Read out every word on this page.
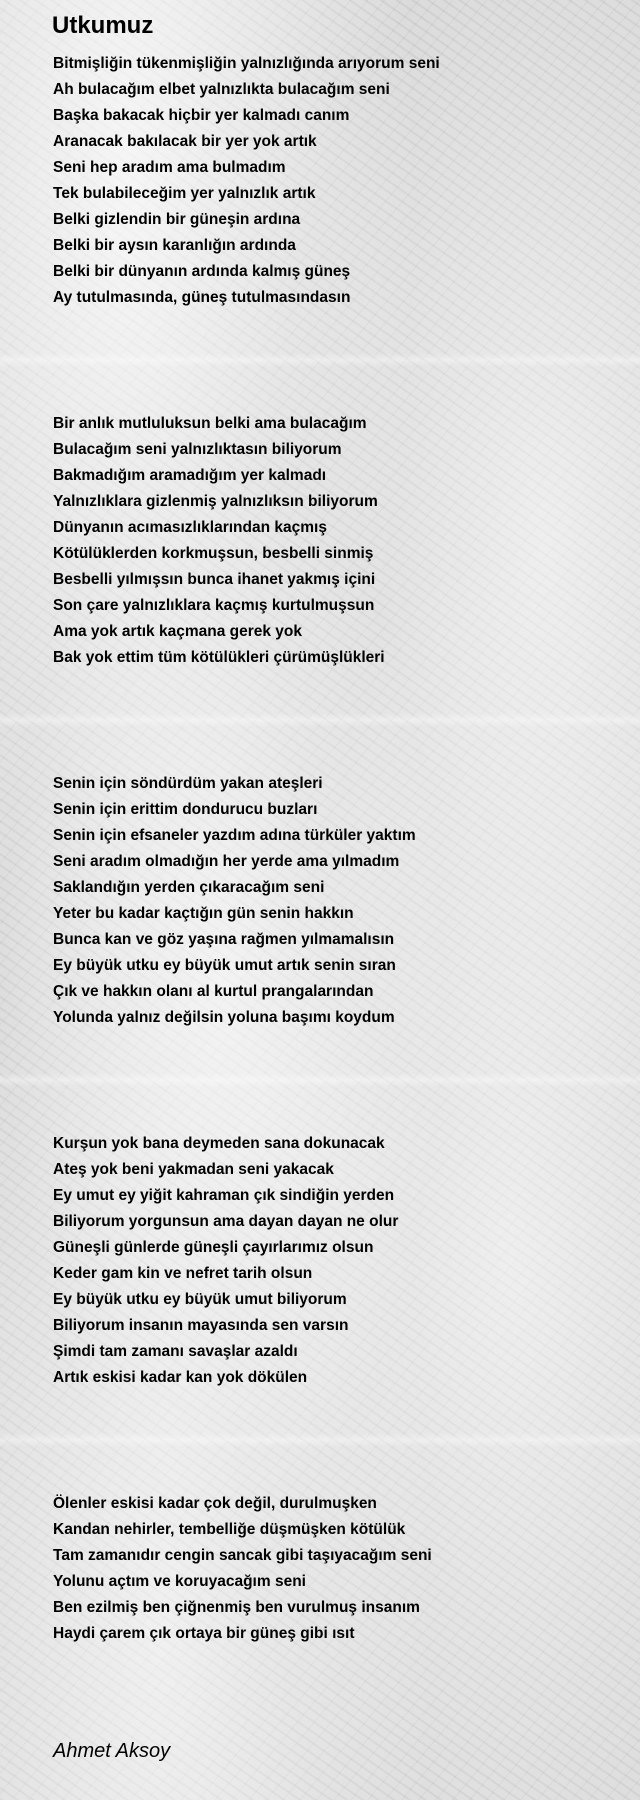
Utkumuz
Bitmişliğin tükenmişliğin yalnızlığında arıyorum seni
Ah bulacağım elbet yalnızlıkta bulacağım seni
Başka bakacak hiçbir yer kalmadı canım
Aranacak bakılacak bir yer yok artık
Seni hep aradım ama bulmadım
Tek bulabileceğim yer yalnızlık artık
Belki gizlendin bir güneşin ardına
Belki bir aysın karanlığın ardında
Belki bir dünyanın ardında kalmış güneş
Ay tutulmasında, güneş tutulmasındasın
Bir anlık mutluluksun belki ama bulacağım
Bulacağım seni yalnızlıktasın biliyorum
Bakmadığım aramadığım yer kalmadı
Yalnızlıklara gizlenmiş yalnızlıksın biliyorum
Dünyanın acımasızlıklarından kaçmış
Kötülüklerden korkmuşsun, besbelli sinmiş
Besbelli yılmışsın bunca ihanet yakmış içini
Son çare yalnızlıklara kaçmış kurtulmuşsun
Ama yok artık kaçmana gerek yok
Bak yok ettim tüm kötülükleri çürümüşlükleri
Senin için söndürdüm yakan ateşleri
Senin için erittim dondurucu buzları
Senin için efsaneler yazdım adına türküler yaktım
Seni aradım olmadığın her yerde ama yılmadım
Saklandığın yerden çıkaracağım seni
Yeter bu kadar kaçtığın gün senin hakkın
Bunca kan ve göz yaşına rağmen yılmamalısın
Ey büyük utku ey büyük umut artık senin sıran
Çık ve hakkın olanı al kurtul prangalarından
Yolunda yalnız değilsin yoluna başımı koydum
Kurşun yok bana deymeden sana dokunacak
Ateş yok beni yakmadan seni yakacak
Ey umut ey yiğit kahraman çık sindiğin yerden
Biliyorum yorgunsun ama dayan dayan ne olur
Güneşli günlerde güneşli çayırlarımız olsun
Keder gam kin ve nefret tarih olsun
Ey büyük utku ey büyük umut biliyorum
Biliyorum insanın mayasında sen varsın
Şimdi tam zamanı savaşlar azaldı
Artık eskisi kadar kan yok dökülen
Ölenler eskisi kadar çok değil, durulmuşken
Kandan nehirler, tembelliğe düşmüşken kötülük
Tam zamanıdır cengin sancak gibi taşıyacağım seni
Yolunu açtım ve koruyacağım seni
Ben ezilmiş ben çiğnenmiş ben vurulmuş insanım
Haydi çarem çık ortaya bir güneş gibi ısıt

Ahmet Aksoy
